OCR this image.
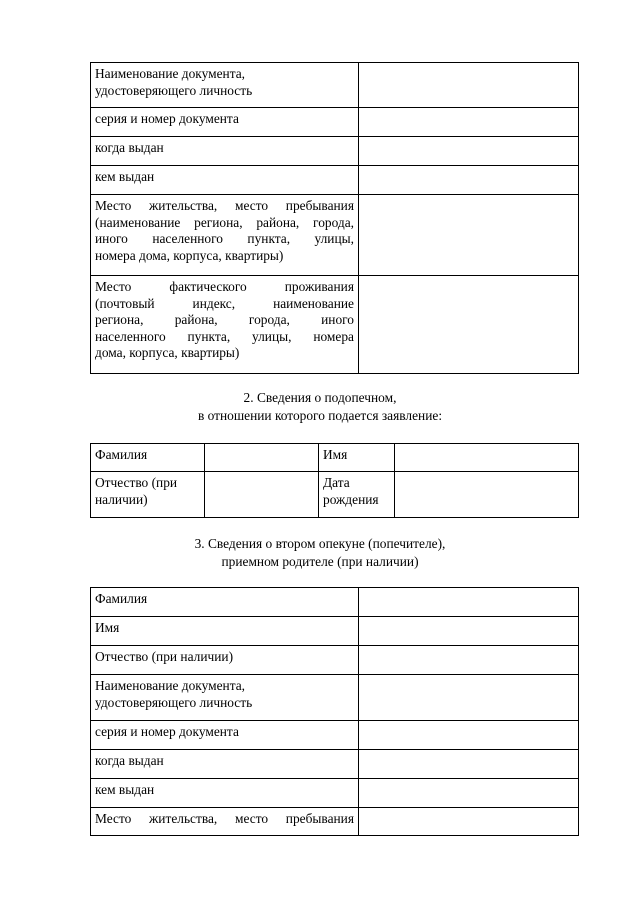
Наименование документа,
удостоверяющего личность	

серия и номер документа	
когда выдан	
кем выдан	

Место жительства, место пребывания
(наименование региона, района, города,
иного населенного пункта, улицы,
номера дома, корпуса, квартиры)	

Место фактического проживания
(почтовый индекс, наименование
региона, района, города, иного
населенного пункта, улицы, номера
дома, корпуса, квартиры)	

2. Сведения о подопечном,
в отношении которого подается заявление:
Фамилия		Имя	

Отчество (при
наличии)		Дата
рождения	

3. Сведения о втором опекуне (попечителе),
приемном родителе (при наличии)
Фамилия	
Имя	
Отчество (при наличии)	

Наименование документа,
удостоверяющего личность	

серия и номер документа	
когда выдан	
кем выдан	

Место жительства, место пребывания	
